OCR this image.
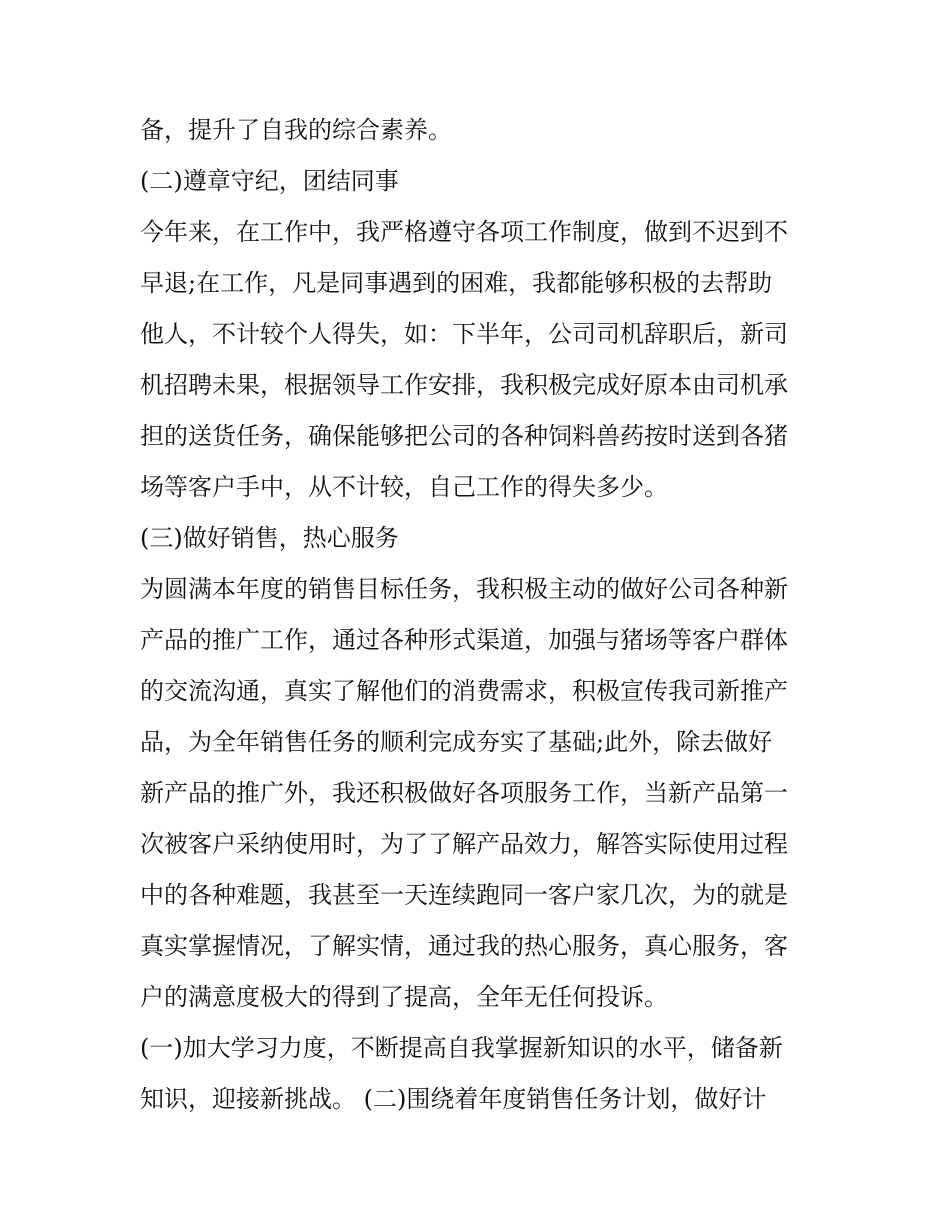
备，提升了自我的综合素养。
(二)遵章守纪，团结同事
今年来，在工作中，我严格遵守各项工作制度，做到不迟到不
早退;在工作，凡是同事遇到的困难，我都能够积极的去帮助
他人，不计较个人得失，如：下半年，公司司机辞职后，新司
机招聘未果，根据领导工作安排，我积极完成好原本由司机承
担的送货任务，确保能够把公司的各种饲料兽药按时送到各猪
场等客户手中，从不计较，自己工作的得失多少。
(三)做好销售，热心服务
为圆满本年度的销售目标任务，我积极主动的做好公司各种新
产品的推广工作，通过各种形式渠道，加强与猪场等客户群体
的交流沟通，真实了解他们的消费需求，积极宣传我司新推产
品，为全年销售任务的顺利完成夯实了基础;此外，除去做好
新产品的推广外，我还积极做好各项服务工作，当新产品第一
次被客户采纳使用时，为了了解产品效力，解答实际使用过程
中的各种难题，我甚至一天连续跑同一客户家几次，为的就是
真实掌握情况，了解实情，通过我的热心服务，真心服务，客
户的满意度极大的得到了提高，全年无任何投诉。
(一)加大学习力度，不断提高自我掌握新知识的水平，储备新
知识，迎接新挑战。 (二)围绕着年度销售任务计划，做好计
